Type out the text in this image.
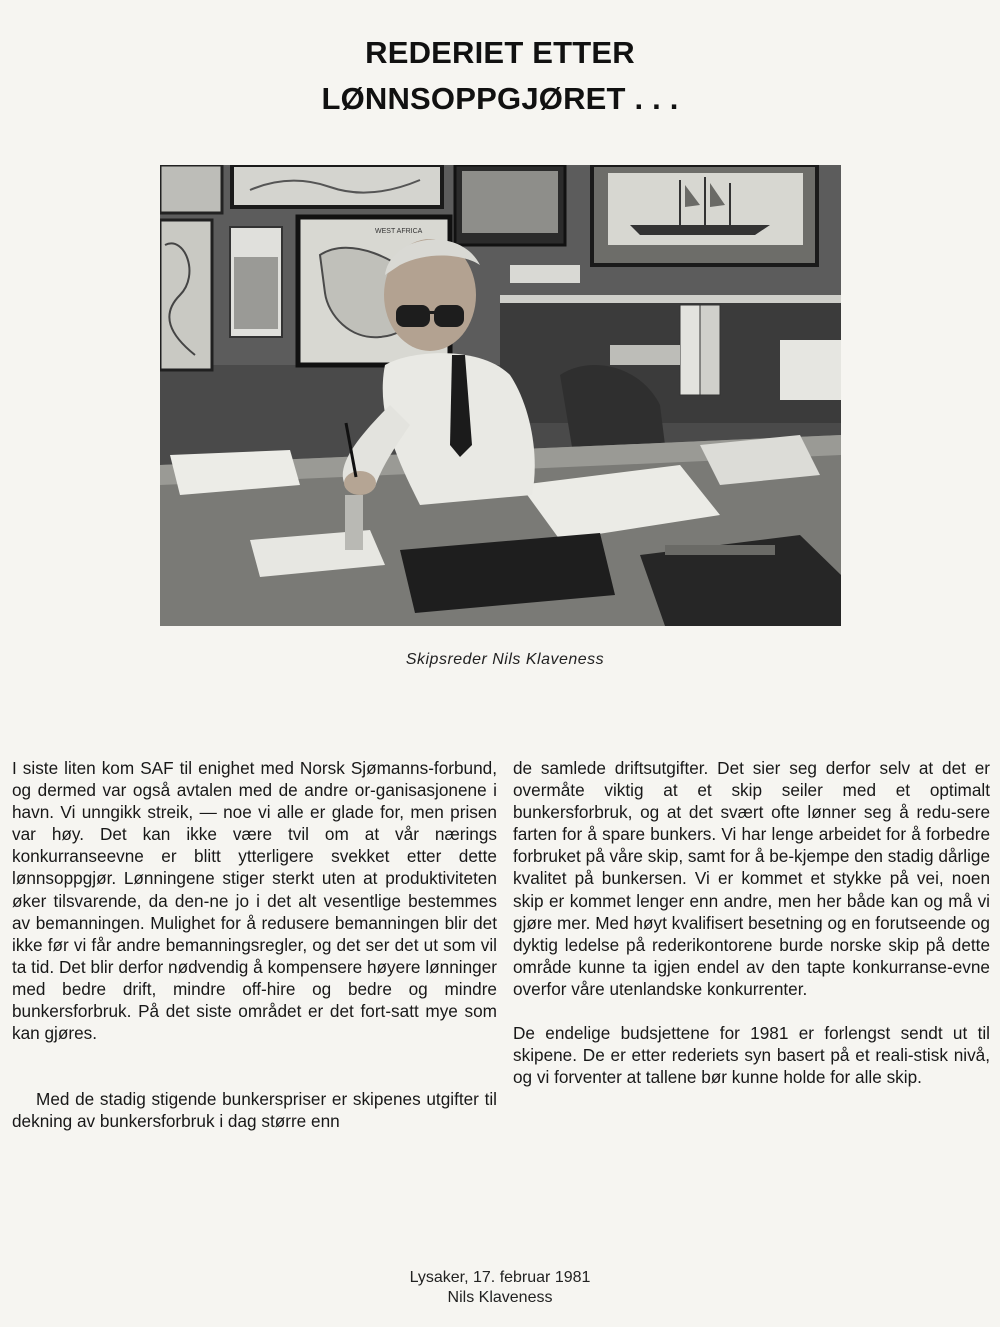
REDERIET ETTER
LØNNSOPPGJØRET . . .
WEST AFRICA
Skipsreder Nils Klaveness

I siste liten kom SAF til enighet med Norsk Sjømanns-forbund, og dermed var også avtalen med de andre or-ganisasjonene i havn. Vi unngikk streik, — noe vi alle er glade for, men prisen var høy. Det kan ikke være tvil om at vår nærings konkurranseevne er blitt ytterligere svekket etter dette lønnsoppgjør. Lønningene stiger sterkt uten at produktiviteten øker tilsvarende, da den-ne jo i det alt vesentlige bestemmes av bemanningen. Mulighet for å redusere bemanningen blir det ikke før vi får andre bemanningsregler, og det ser det ut som vil ta tid. Det blir derfor nødvendig å kompensere høyere lønninger med bedre drift, mindre off-hire og bedre og mindre bunkersforbruk. På det siste området er det fort-satt mye som kan gjøres.

Med de stadig stigende bunkerspriser er skipenes utgifter til dekning av bunkersforbruk i dag større enn

de samlede driftsutgifter. Det sier seg derfor selv at det er overmåte viktig at et skip seiler med et optimalt bunkersforbruk, og at det svært ofte lønner seg å redu-sere farten for å spare bunkers. Vi har lenge arbeidet for å forbedre forbruket på våre skip, samt for å be-kjempe den stadig dårlige kvalitet på bunkersen. Vi er kommet et stykke på vei, noen skip er kommet lenger enn andre, men her både kan og må vi gjøre mer. Med høyt kvalifisert besetning og en forutseende og dyktig ledelse på rederikontorene burde norske skip på dette område kunne ta igjen endel av den tapte konkurranse-evne overfor våre utenlandske konkurrenter.

De endelige budsjettene for 1981 er forlengst sendt ut til skipene. De er etter rederiets syn basert på et reali-stisk nivå, og vi forventer at tallene bør kunne holde for alle skip.

Lysaker, 17. februar 1981
Nils Klaveness
